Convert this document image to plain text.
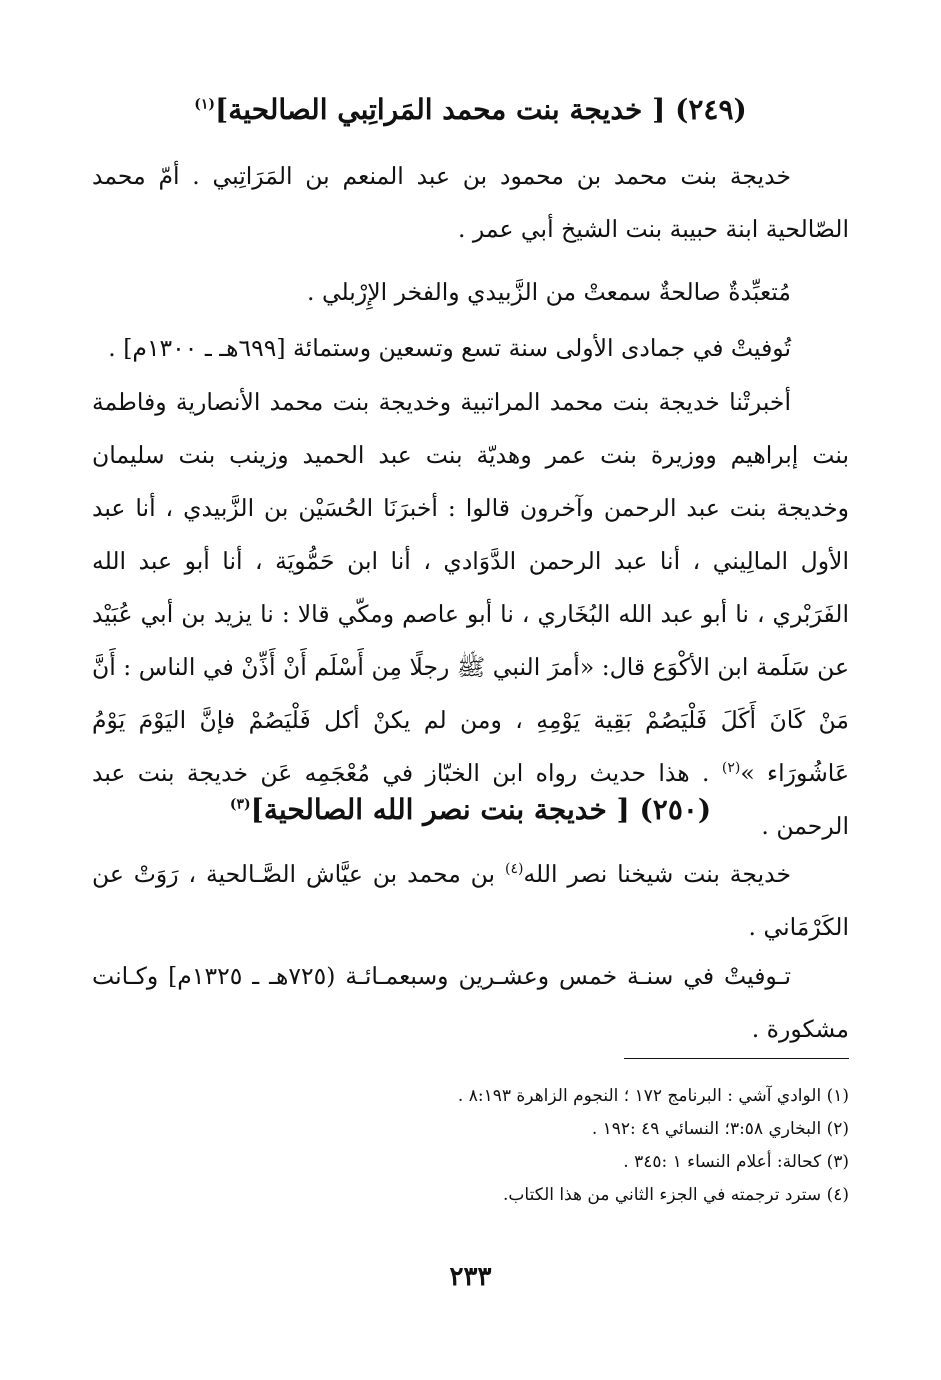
(٢٤٩) [ خديجة بنت محمد المَراتِبي الصالحية]$^{(١)}$
خديجة بنت محمد بن محمود بن عبد المنعم بن المَرَاتِبي . أمّ محمد الصّالحية ابنة حبيبة بنت الشيخ أبي عمر .
مُتعبِّدةٌ صالحةٌ سمعتْ من الزَّبيدي والفخر الإِرْبلي .
تُوفيتْ في جمادى الأولى سنة تسع وتسعين وستمائة [٦٩٩هـ ـ ١٣٠٠م] .
أخبرتْنا خديجة بنت محمد المراتبية وخديجة بنت محمد الأنصارية وفاطمة بنت إبراهيم ووزيرة بنت عمر وهديّة بنت عبد الحميد وزينب بنت سليمان وخديجة بنت عبد الرحمن وآخرون قالوا : أخبرَنَا الحُسَيْن بن الزَّبيدي ، أنا عبد الأول المالِيني ، أنا عبد الرحمن الدَّوَادي ، أنا ابن حَمُّويَة ، أنا أبو عبد الله الفَرَبْري ، نا أبو عبد الله البُخَاري ، نا أبو عاصم ومكّي قالا : نا يزيد بن أبي عُبَيْد عن سَلَمة ابن الأكْوَع قال: «أمرَ النبي ﷺ رجلًا مِن أَسْلَم أَنْ أَذِّنْ في الناس : أَنَّ مَنْ كَانَ أَكَلَ فَلْيَصُمْ بَقِية يَوْمِهِ ، ومن لم يكنْ أكل فَلْيَصُمْ فإنَّ اليَوْمَ يَوْمُ عَاشُورَاء »$^{(٢)}$ . هذا حديث رواه ابن الخبّاز في مُعْجَمِه عَن خديجة بنت عبد الرحمن .
(٢٥٠) [ خديجة بنت نصر الله الصالحية]$^{(٣)}$
خديجة بنت شيخنا نصر الله$^{(٤)}$ بن محمد بن عيَّاش الصَّـالحية ، رَوَتْ عن الكَرْمَاني .
تـوفيتْ في سنـة خمس وعشـرين وسبعمـائـة (٧٢٥هـ ـ ١٣٢٥م] وكـانت مشكورة .
(١) الوادي آشي : البرنامج ١٧٢ ؛ النجوم الزاهرة ٨:١٩٣ .
(٢) البخاري ٣:٥٨؛ النسائي ٤٩ :١٩٢ .
(٣) كحالة: أعلام النساء ١ :٣٤٥ .
(٤) سترد ترجمته في الجزء الثاني من هذا الكتاب.
٢٣٣
